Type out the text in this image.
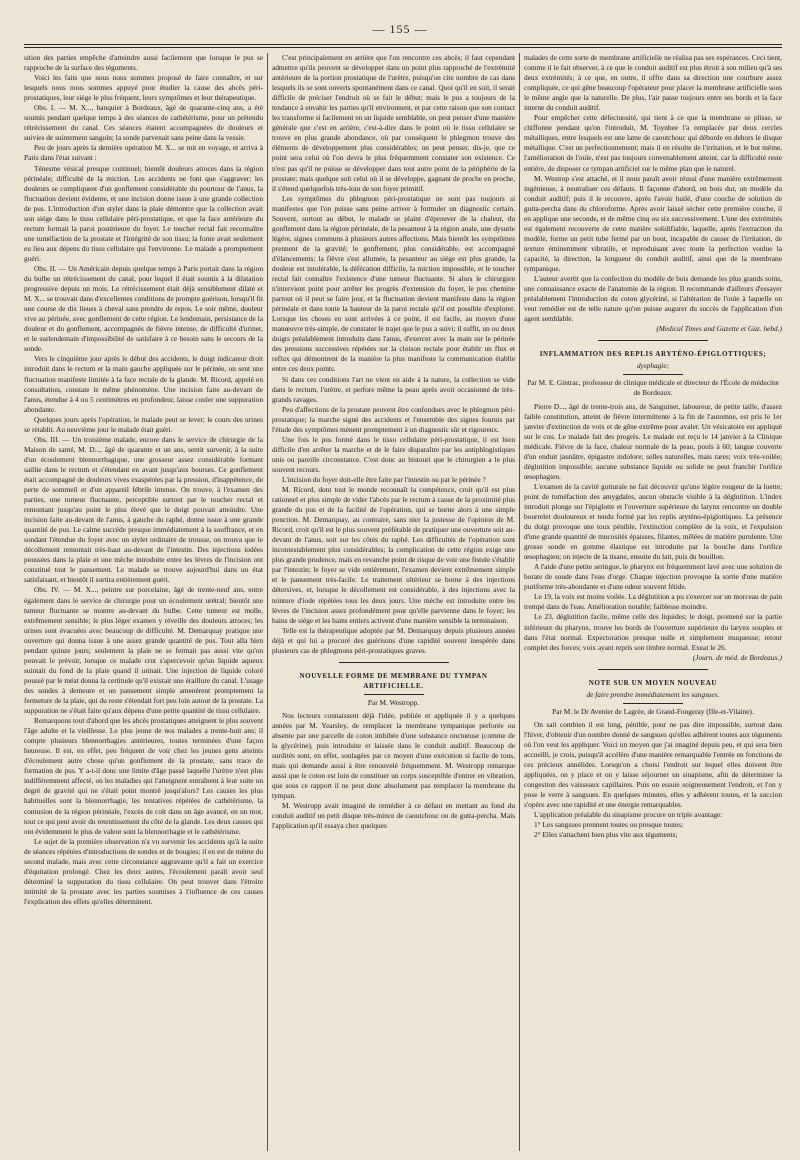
— 155 —

sition des parties empêche d'atteindre aussi facilement que lorsque le pus se rapproche de la surface des téguments.

Voici les faits que nous nous sommes proposé de faire connaître, et sur lesquels nous nous sommes appuyé pour étudier la cause des abcès péri-prostatiques, leur siége le plus fréquent, leurs symptômes et leur thérapeutique.

Obs. I. — M. X..., banquier à Bordeaux, âgé de quarante-cinq ans, a été soumis pendant quelque temps à des séances de cathétérisme, pour un prétendu rétrécissement du canal. Ces séances étaient accompagnées de douleurs et suivies de suintement sanguin; la sonde parvenait sans peine dans la vessie.

Peu de jours après la dernière opération M. X... se mit en voyage, et arriva à Paris dans l'état suivant :

Ténesme vésical presque continuel; bientôt douleurs atroces dans la région périnéale; difficulté de la miction. Les accidents ne font que s'aggraver; les douleurs se compliquent d'un gonflement considérable du pourtour de l'anus, la fluctuation devient évidente, et une incision donne issue à une grande collection de pus. L'introduction d'un stylet dans la plaie démontre que la collection avait son siége dans le tissu cellulaire péri-prostatique, et que la face antérieure du rectum formait la paroi postérieure du foyer. Le toucher rectal fait reconnaître une tuméfaction de la prostate et l'intégrité de son tissu; la fonte avait seulement eu lieu aux dépens du tissu cellulaire qui l'environne. Le malade a promptement guéri.

Obs. II. — Un Américain depuis quelque temps à Paris portait dans la région du bulbe un rétrécissement du canal, pour lequel il était soumis à la dilatation progressive depuis un mois. Le rétrécissement était déjà sensiblement dilaté et M. X... se trouvait dans d'excellentes conditions de prompte guérison, lorsqu'il fit une course de dix lieues à cheval sans prendre de repos. Le soir même, douleur vive au périnée, avec gonflement de cette région. Le lendemain, persistance de la douleur et du gonflement, accompagnés de fièvre intense, de difficulté d'uriner, et le surlendemain d'impossibilité de satisfaire à ce besoin sans le secours de la sonde.

Vers le cinquième jour après le début des accidents, le doigt indicateur droit introduit dans le rectum et la main gauche appliquée sur le périnée, on sent une fluctuation manifeste limitée à la face rectale de la glande. M. Ricord, appelé en consultation, constate le même phénomène. Une incision faite au-devant de l'anus, étendue à 4 ou 5 centimètres en profondeur, laisse couler une suppuration abondante.

Quelques jours après l'opération, le malade peut se lever; le cours des urines se rétablit. Au neuvième jour le malade était guéri.

Obs. III. — Un troisième malade, encore dans le service de chirurgie de la Maison de santé, M. D..., âgé de quarante et un ans, sentit survenir, à la suite d'un écoulement blennorrhagique, une grosseur assez considérable formant saillie dans le rectum et s'étendant en avant jusqu'aux bourses. Ce gonflement était accompagné de douleurs vives exaspérées par la pression, d'inappétence, de perte de sommeil et d'un appareil fébrile intense. On trouve, à l'examen des parties, une tumeur fluctuante, perceptible surtout par le toucher rectal et remontant jusqu'au point le plus élevé que le doigt pouvait atteindre. Une incision faite au-devant de l'anus, à gauche du raphé, donne issue à une grande quantité de pus. Le calme succède presque immédiatement à la souffrance, et en sondant l'étendue du foyer avec un stylet ordinaire de trousse, on trouva que le décollement remontait très-haut au-devant de l'intestin. Des injections iodées poussées dans la plaie et une mèche introduite entre les lèvres de l'incision ont constitué tout le pansement. Le malade se trouve aujourd'hui dans un état satisfaisant, et bientôt il sortira entièrement guéri.

Obs. IV. — M. X..., peintre sur porcelaine, âgé de trente-neuf ans, entre également dans le service de chirurgie pour un écoulement urétral; bientôt une tumeur fluctuante se montre au-devant du bulbe. Cette tumeur est molle, extrêmement sensible; le plus léger examen y réveille des douleurs atroces; les urines sont évacuées avec beaucoup de difficulté. M. Demarquay pratique une ouverture qui donna issue à une assez grande quantité de pus. Tout alla bien pendant quinze jours; seulement la plaie ne se fermait pas aussi vite qu'on pouvait le prévoir, lorsque ce malade crut s'apercevoir qu'un liquide aqueux suintait du fond de la plaie quand il urinait. Une injection de liquide coloré poussé par le méat donna la certitude qu'il existait une éraillure du canal. L'usage des sondes à demeure et un pansement simple amenèrent promptement la fermeture de la plaie, qui du reste s'étendait fort peu loin autour de la prostate. La suppuration ne s'était faite qu'aux dépens d'une petite quantité de tissu cellulaire.

Remarquons tout d'abord que les abcès prostatiques atteignent le plus souvent l'âge adulte et la vieillesse. Le plus jeune de nos malades a trente-huit ans; il compte plusieurs blennorrhagies antérieures, toutes terminées d'une façon heureuse. Il est, en effet, peu fréquent de voir chez les jeunes gens atteints d'écoulement autre chose qu'un gonflement de la prostate, sans trace de formation de pus. Y a-t-il donc une limite d'âge passé laquelle l'urètre n'est plus indifféremment affecté, où les maladies qui l'atteignent entraînent à leur suite un degré de gravité qui ne s'était point montré jusqu'alors? Les causes les plus habituelles sont la blennorrhagie, les tentatives répétées de cathétérisme, la contusion de la région périnéale, l'excès de coït dans un âge avancé, en un mot, tout ce qui peut avoir du retentissement du côté de la glande. Les deux causes qui ont évidemment le plus de valeur sont la blennorrhagie et le cathétérisme.

Le sujet de la première observation n'a vu survenir les accidents qu'à la suite de séances répétées d'introductions de sondes et de bougies; il en est de même du second malade, mais avec cette circonstance aggravante qu'il a fait un exercice d'équitation prolongé. Chez les deux autres, l'écoulement paraît avoir seul déterminé la suppuration du tissu cellulaire. On peut trouver dans l'étroite intimité de la prostate avec les parties soumises à l'influence de ces causes l'explication des effets qu'elles déterminent.

C'est principalement en arrière que l'on rencontre ces abcès; il faut cependant admettre qu'ils peuvent se développer dans un point plus rapproché de l'extrémité antérieure de la portion prostatique de l'urètre, puisqu'on cite nombre de cas dans lesquels ils se sont ouverts spontanément dans ce canal. Quoi qu'il en soit, il serait difficile de préciser l'endroit où se fait le début; mais le pus a toujours de la tendance à envahir les parties qu'il environnent, et par cette raison que son contact les transforme si facilement en un liquide semblable, on peut penser d'une manière générale que c'est en arrière, c'est-à-dire dans le point où le tissu cellulaire se trouve en plus grande abondance, où par conséquent le phlegmon trouve des éléments de développement plus considérables; on peut penser, dis-je, que ce point sera celui où l'on devra le plus fréquemment constater son existence. Ce n'est pas qu'il ne puisse se développer dans tout autre point de la périphérie de la prostate; mais quelque soit celui où il se développe, gagnant de proche en proche, il s'étend quelquefois très-loin de son foyer primitif.

Les symptômes du phlegmon péri-prostatique ne sont pas toujours si manifestes que l'on puisse sans peine arriver à formuler un diagnostic certain. Souvent, surtout au début, le malade se plaint d'éprouver de la chaleur, du gonflement dans la région périnéale, de la pesanteur à la région anale, une dysurie légère, signes communs à plusieurs autres affections. Mais bientôt les symptômes prennent de la gravité; le gonflement, plus considérable, est accompagné d'élancements; la fièvre s'est allumée, la pesanteur au siége est plus grande, la douleur est intolérable, la défécation difficile, la miction impossible, et le toucher rectal fait connaître l'existence d'une tumeur fluctuante. Si alors le chirurgien n'intervient point pour arrêter les progrès d'extension du foyer, le pus chemine partout où il peut se faire jour, et la fluctuation devient manifeste dans la région périnéale et dans toute la hauteur de la paroi rectale qu'il est possible d'explorer. Lorsque les choses en sont arrivées à ce point, il est facile, au moyen d'une manœuvre très-simple, de constater le trajet que le pus a suivi; il suffit, un ou deux doigts préalablement introduits dans l'anus, d'exercer avec la main sur le périnée des pressions successives répétées sur la cloison rectale pour établir un flux et reflux qui démontrent de la manière la plus manifeste la communication établie entre ces deux points.

Si dans ces conditions l'art ne vient en aide à la nature, la collection se vide dans le rectum, l'urètre, et perfore même la peau après avoir occasionné de très-grands ravages.

Peu d'affections de la prostate peuvent être confondues avec le phlegmon péri-prostatique; la marche signé des accidents et l'ensemble des signes fournis par l'étude des symptômes mènent promptement à un diagnostic sûr et rigoureux.

Une fois le pus formé dans le tissu cellulaire péri-prostatique, il est bien difficile d'en arrêter la marche et de le faire disparaître par les antiphlogistiques unis ou pareille circonstance. C'est donc au bistouri que le chirurgien a le plus souvent recours.

L'incision du foyer doit-elle être faite par l'intestin ou par le périnée ?

M. Ricord, dont tout le monde reconnaît la compétence, croit qu'il est plus rationnel et plus simple de vider l'abcès par le rectum à cause de la proximité plus grande du pus et de la facilité de l'opération, qui se borne alors à une simple ponction. M. Demarquay, au contraire, sans nier la justesse de l'opinion de M. Ricord, croit qu'il est le plus souvent préférable de pratiquer une ouverture soit au-devant de l'anus, soit sur les côtés du raphé. Les difficultés de l'opération sont incontestablement plus considérables; la complication de cette région exige une plus grande prudence, mais en revanche point de risque de voir une fistule s'établir par l'intestin; le foyer se vide entièrement, l'examen devient extrêmement simple et le pansement très-facile. Le traitement ultérieur se borne à des injections détersives, et, lorsque le décollement est considérable, à des injections avec la teinture d'iode répétées tous les deux jours. Une mèche est introduite entre les lèvres de l'incision assez profondément pour qu'elle parvienne dans le foyer; les bains de siége et les bains entiers activent d'une manière sensible la terminaison.

Telle est la thérapeutique adoptée par M. Demarquay depuis plusieurs années déjà et qui lui a procuré des guérisons d'une rapidité souvent inespérée dans plusieurs cas de phlegmons péri-prostatiques graves.

NOUVELLE FORME DE MEMBRANE DU TYMPAN ARTIFICIELLE.

Par M. Westropp.

Nos lecteurs connaissent déjà l'idée, publiée et appliquée il y a quelques années par M. Yearsley, de remplacer la membrane tympanique perforée ou absente par une parcelle de coton imbibée d'une substance onctueuse (comme de la glycérine), puis introduite et laissée dans le conduit auditif. Beaucoup de surdités sont, en effet, soulagées par ce moyen d'une exécution si facile de tous, mais qui demande aussi à être renouvelé fréquemment. M. Westropp remarque aussi que le coton est loin de constituer un corps susceptible d'entrer en vibration, que sous ce rapport il ne peut donc absolument pas remplacer la membrane du tympan.

M. Westropp avait imaginé de remédier à ce défaut en mettant au fond du conduit auditif un petit disque très-mince de caoutchouc ou de gutta-percha. Mais l'application qu'il essaya chez quelques

malades de cette sorte de membrane artificielle ne réalisa pas ses espérances. Ceci tient, comme il le fait observer, à ce que le conduit auditif est plus étroit à son milieu qu'à ses deux extrémités; à ce que, en outre, il offre dans sa direction une courbure assez compliquée, ce qui gêne beaucoup l'opérateur pour placer la membrane artificielle sous le même angle que la naturelle. De plus, l'air passe toujours entre ses bords et la face interne du conduit auditif.

Pour empêcher cette défectuosité, qui tient à ce que la membrane se plisse, se chiffonne pendant qu'on l'introduit, M. Toynbee l'a remplacée par deux cercles métalliques, entre lesquels est une lame de caoutchouc qui déborde en dehors le disque métallique. C'est un perfectionnement; mais il en résulte de l'irritation, et le but même, l'amélioration de l'ouïe, n'est pas toujours convenablement atteint, car la difficulté reste entière, de disposer ce tympan artificiel sur le même plan que le naturel.

M. Westrop s'est attaché, et il nous paraît avoir réussi d'une manière extrêmement ingénieuse, à neutraliser ces défauts. Il façonne d'abord, en bois dur, un modèle du conduit auditif; puis il le recouvre, après l'avoir huilé, d'une couche de solution de gutta-percha dans du chloroforme. Après avoir laissé sécher cette première couche, il en applique une seconde, et de même cinq ou six successivement. L'une des extrémités est également recouverte de cette matière solidifiable, laquelle, après l'extraction du modèle, forme un petit tube fermé par un bout, incapable de causer de l'irritation, de texture éminemment vibratile, et reproduisant avec toute la perfection voulue la capacité, la direction, la longueur du conduit auditif, ainsi que de la membrane tympanique.

L'auteur avertit que la confection du modèle de bois demande les plus grands soins, une connaissance exacte de l'anatomie de la région. Il recommande d'ailleurs d'essayer préalablement l'introduction du coton glycériné, si l'altération de l'ouïe à laquelle on veut remédier est de telle nature qu'on puisse augurer du succès de l'application d'un agent semblable.

(Medical Times and Gazette et Gaz. hebd.)

INFLAMMATION DES REPLIS ARYTÉNO-ÉPIGLOTTIQUES;

dysphagie;

Par M. E. Gintrac, professeur de clinique médicale et directeur de l'École de médecine de Bordeaux.

Pierre D..., âgé de trente-trois ans, de Sanguinet, laboureur, de petite taille, d'assez faible constitution, atteint de fièvre intermittente à la fin de l'automne, est pris le 1er janvier d'extinction de voix et de gêne extrême pour avaler. Un vésicatoire est appliqué sur le cou. Le malade fait des progrès. Le malade est reçu le 14 janvier à la Clinique médicale. Fièvre de la face, chaleur normale de la peau, pouls à 60; langue couverte d'un enduit jaunâtre, épigastre indolore; selles naturelles, mais rares; voix très-voilée; déglutition impossible; aucune substance liquide ou solide ne peut franchir l'orifice œsophagien.

L'examen de la cavité gutturale ne fait découvrir qu'une légère rougeur de la luette; point de tuméfaction des amygdales, aucun obstacle visible à la déglutition. L'index introduit plonge sur l'épiglotte et l'ouverture supérieure du larynx rencontre un double bourrelet douloureux et tendu formé par les replis aryténo-épiglottiques. La présence du doigt provoque une toux pénible, l'extinction complète de la voix, et l'expulsion d'une grande quantité de mucosités épaisses, filantes, mêlées de matière purulente. Une grosse sonde en gomme élastique est introduite par la bouche dans l'orifice œsophagien; on injecte de la tisane, ensuite du lait, puis du bouillon.

A l'aide d'une petite seringue, le pharynx est fréquemment lavé avec une solution de borate de soude dans l'eau d'orge. Chaque injection provoque la sortie d'une matière puriforme très-abondante et d'une odeur souvent fétide.

Le 19, la voix est moins voilée. La déglutition a pu s'exercer sur un morceau de pain trempé dans de l'eau. Amélioration notable; faiblesse moindre.

Le 23, déglutition facile, même celle des liquides; le doigt, promené sur la partie inférieure du pharynx, trouve les bords de l'ouverture supérieure du larynx souples et dans l'état normal. Expectoration presque nulle et simplement muqueuse; retour complet des forces; voix ayant repris son timbre normal. Exeat le 26.

(Journ. de méd. de Bordeaux.)

NOTE SUR UN MOYEN NOUVEAU

de faire prendre immédiatement les sangsues.

Par M. le Dr Avenier de Lagrée, de Grand-Fougeray (Ille-et-Vilaine).

On sait combien il est long, pénible, pour ne pas dire impossible, surtout dans l'hiver, d'obtenir d'un nombre donné de sangsues qu'elles adhèrent toutes aux téguments où l'on veut les appliquer. Voici un moyen que j'ai imaginé depuis peu, et qui sera bien accueilli, je crois, puisqu'il accélère d'une manière remarquable l'entrée en fonctions de ces précieux annélides. Lorsqu'on a choisi l'endroit sur lequel elles doivent être appliquées, on y place et on y laisse séjourner un sinapisme, afin de déterminer la congestion des vaisseaux capillaires. Puis on essuie soigneusement l'endroit, et l'on y pose le verre à sangsues. En quelques minutes, elles y adhèrent toutes, et la succion s'opère avec une rapidité et une énergie remarquables.

L'application préalable du sinapisme procure un triple avantage:

1° Les sangsues prennent toutes ou presque toutes;

2° Elles s'attachent bien plus vite aux téguments;
